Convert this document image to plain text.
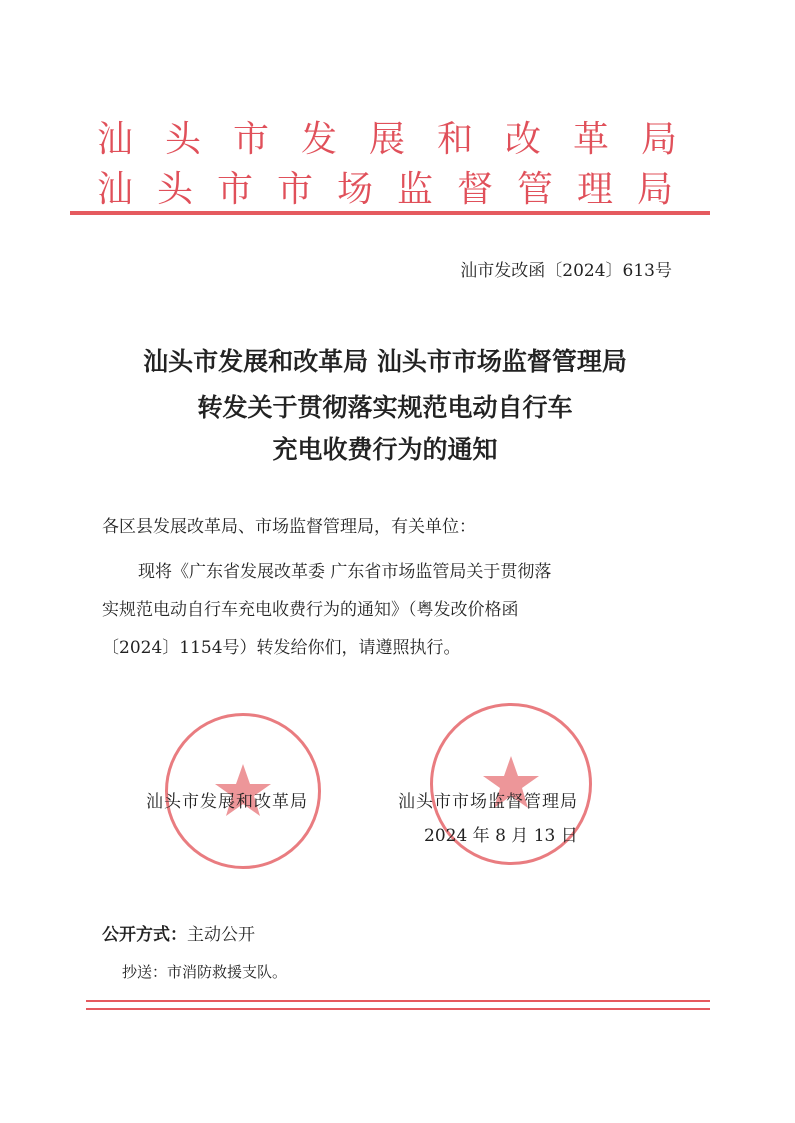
汕头市发展和改革局
汕头市市场监督管理局
汕市发改函〔2024〕613号
汕头市发展和改革局 汕头市市场监督管理局
转发关于贯彻落实规范电动自行车
充电收费行为的通知
各区县发展改革局、市场监督管理局，有关单位：
现将《广东省发展改革委 广东省市场监管局关于贯彻落
实规范电动自行车充电收费行为的通知》（粤发改价格函
〔2024〕1154号）转发给你们，请遵照执行。
汕头市发展和改革局	汕头市市场监督管理局
2024 年 8 月 13 日
公开方式：主动公开
抄送：市消防救援支队。
